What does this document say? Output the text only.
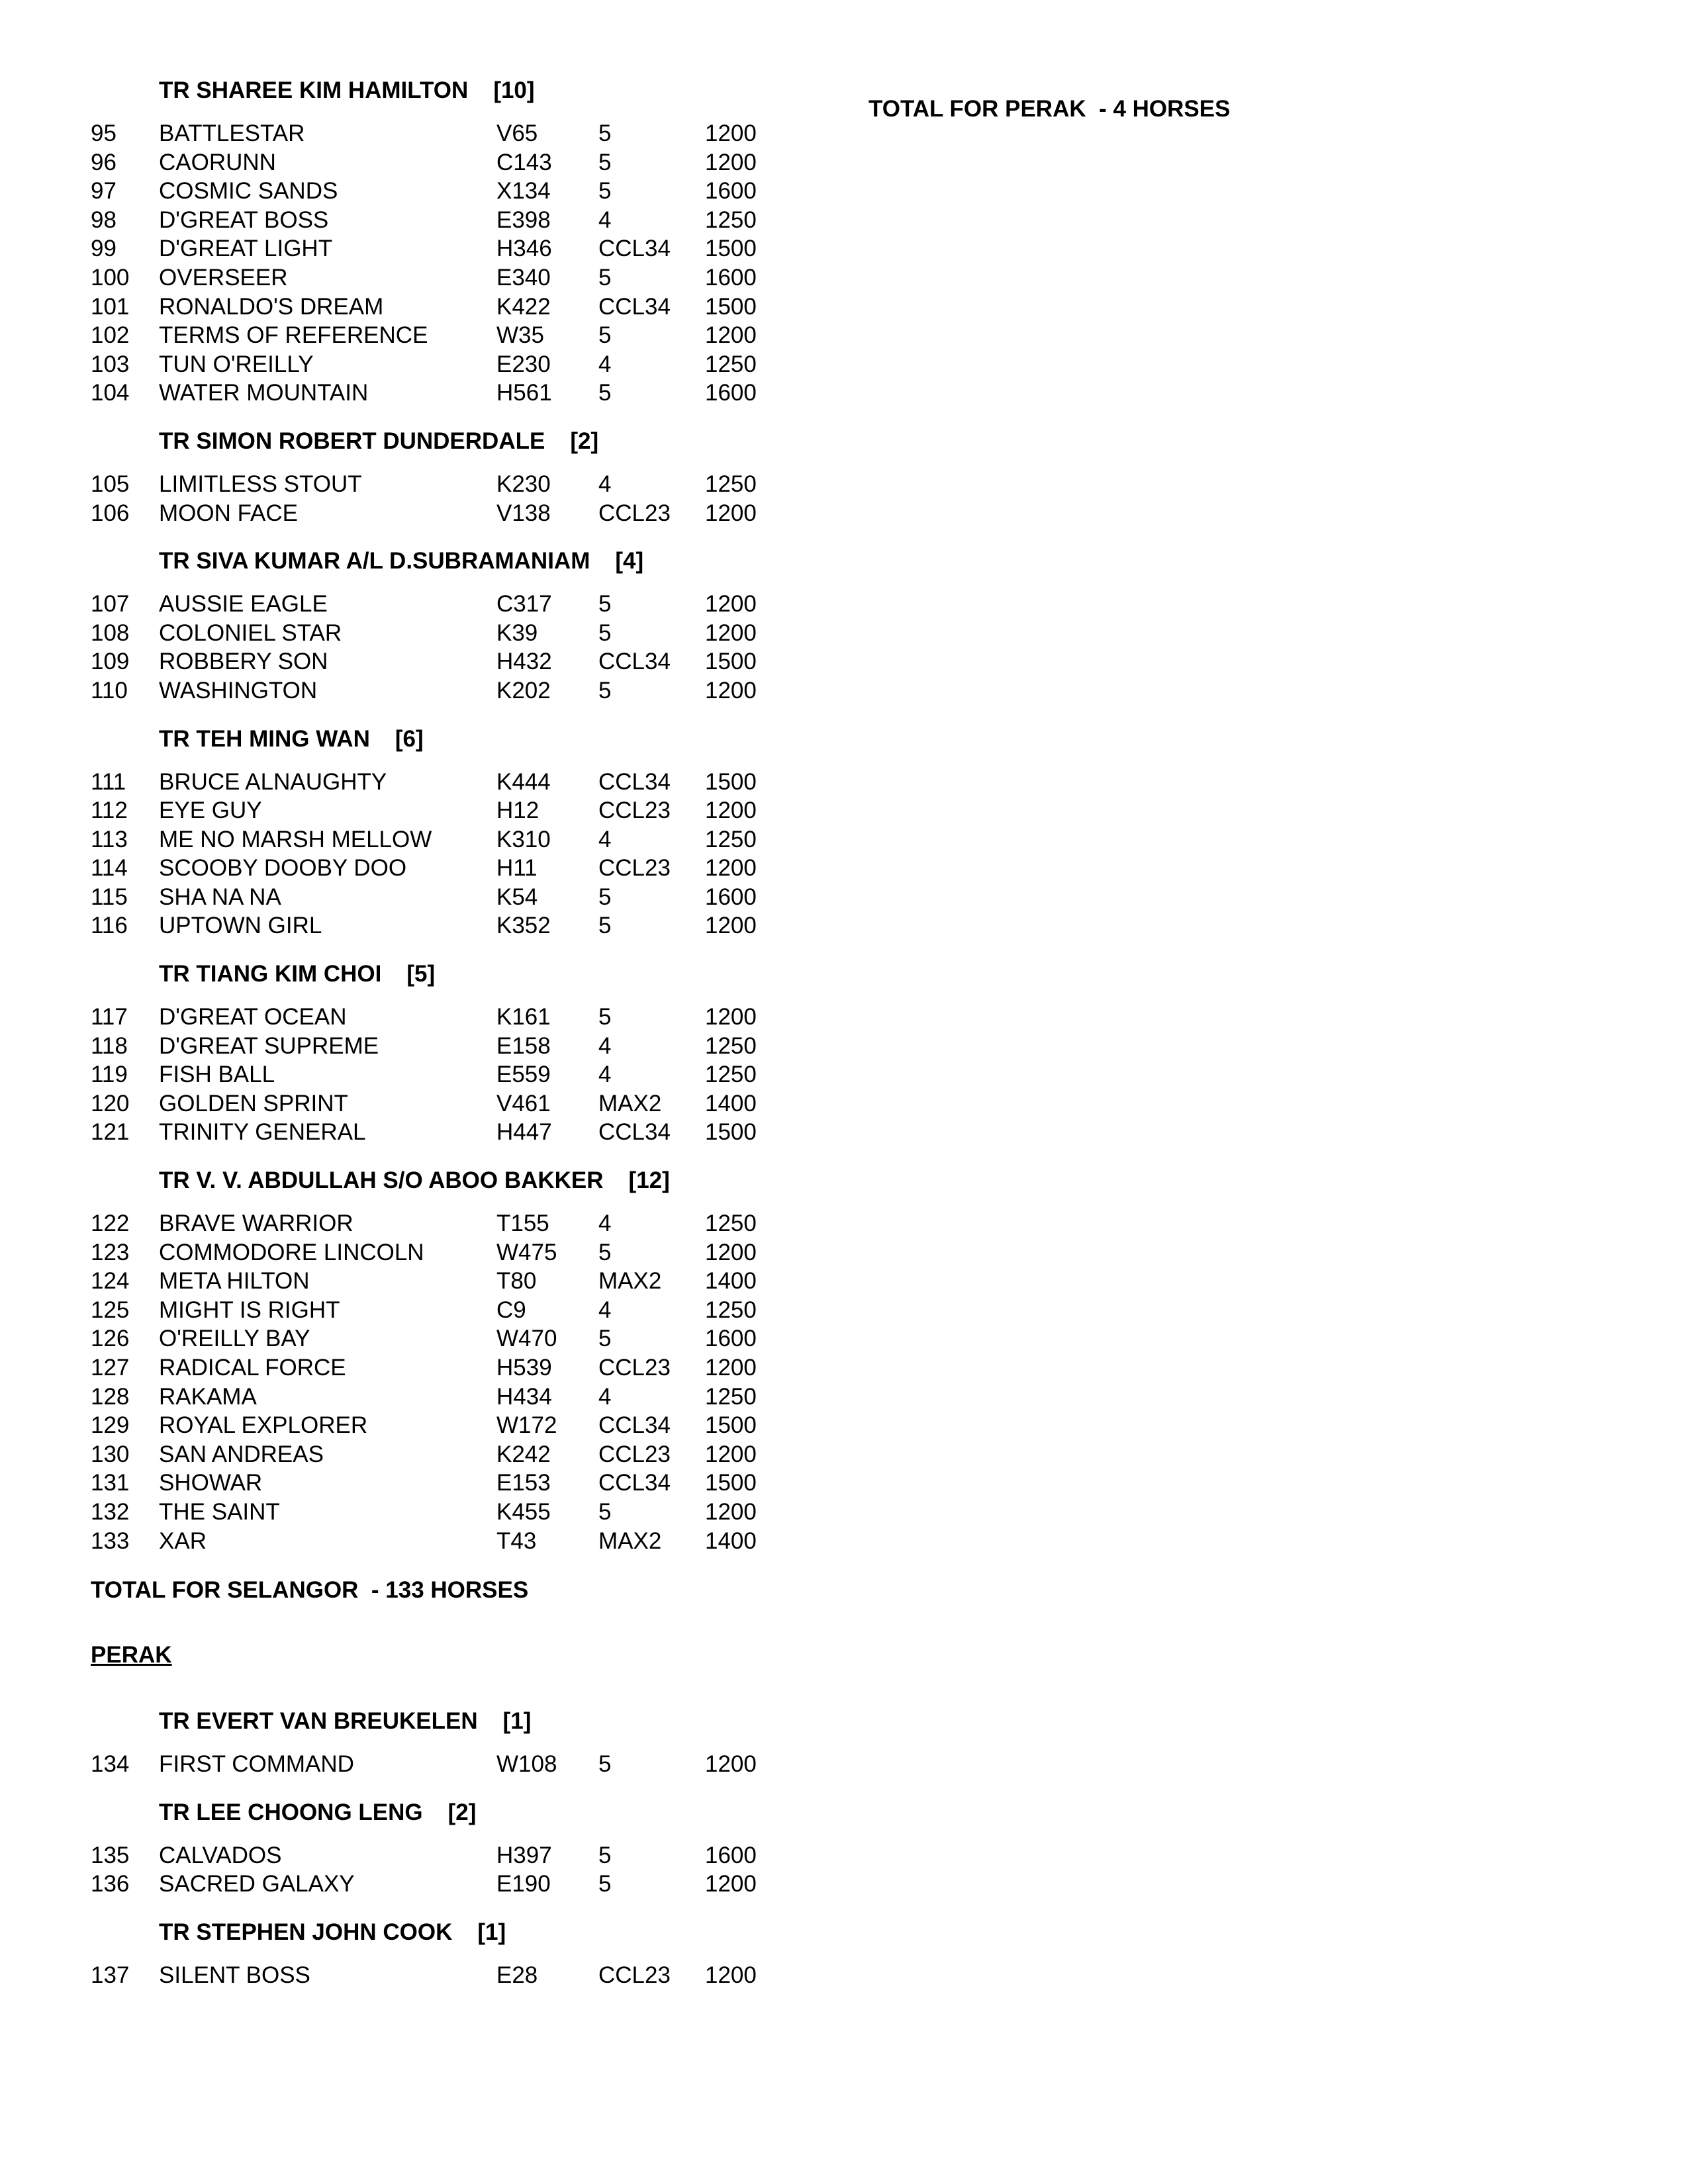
TR SHAREE KIM HAMILTON [10]
95 BATTLESTAR	V65	5	1200
96 CAORUNN	C143 5	1200
97 COSMIC SANDS	X134 5	1600
98 D'GREAT BOSS	E398 4	1250
99 D'GREAT LIGHT	H346 CCL34 1500
100 OVERSEER	E340 5	1600
101 RONALDO'S DREAM	K422 CCL34 1500
102 TERMS OF REFERENCE	W35 5	1200
103 TUN O'REILLY	E230 4	1250
104 WATER MOUNTAIN	H561 5	1600
TR SIMON ROBERT DUNDERDALE [2]
105 LIMITLESS STOUT	K230 4	1250
106 MOON FACE	V138 CCL23 1200
TR SIVA KUMAR A/L D.SUBRAMANIAM [4]
107 AUSSIE EAGLE	C317 5	1200
108 COLONIEL STAR	K39	5	1200
109 ROBBERY SON	H432 CCL34 1500
110 WASHINGTON	K202 5	1200
TR TEH MING WAN [6]
111 BRUCE ALNAUGHTY	K444 CCL34 1500
112 EYE GUY	H12	CCL23 1200
113 ME NO MARSH MELLOW	K310 4	1250
114 SCOOBY DOOBY DOO	H11	CCL23 1200
115 SHA NA NA	K54	5	1600
116 UPTOWN GIRL	K352 5	1200
TR TIANG KIM CHOI [5]
117 D'GREAT OCEAN	K161 5	1200
118 D'GREAT SUPREME	E158 4	1250
119 FISH BALL	E559 4	1250
120 GOLDEN SPRINT	V461 MAX2 1400
121 TRINITY GENERAL	H447 CCL34 1500
TR V. V. ABDULLAH S/O ABOO BAKKER [12]
122 BRAVE WARRIOR	T155 4	1250
123 COMMODORE LINCOLN	W475 5	1200
124 META HILTON	T80	MAX2 1400
125 MIGHT IS RIGHT	C9	4	1250
126 O'REILLY BAY	W470 5	1600
127 RADICAL FORCE	H539 CCL23 1200
128 RAKAMA	H434 4	1250
129 ROYAL EXPLORER	W172 CCL34 1500
130 SAN ANDREAS	K242 CCL23 1200
131 SHOWAR	E153 CCL34 1500
132 THE SAINT	K455 5	1200
133 XAR	T43	MAX2 1400
TOTAL FOR SELANGOR  - 133 HORSES
PERAK
TR EVERT VAN BREUKELEN [1]
134 FIRST COMMAND	W108 5	1200
TR LEE CHOONG LENG [2]
135 CALVADOS	H397 5	1600
136 SACRED GALAXY	E190 5	1200
TR STEPHEN JOHN COOK [1]
137 SILENT BOSS	E28	CCL23 1200
TOTAL FOR PERAK  - 4 HORSES
